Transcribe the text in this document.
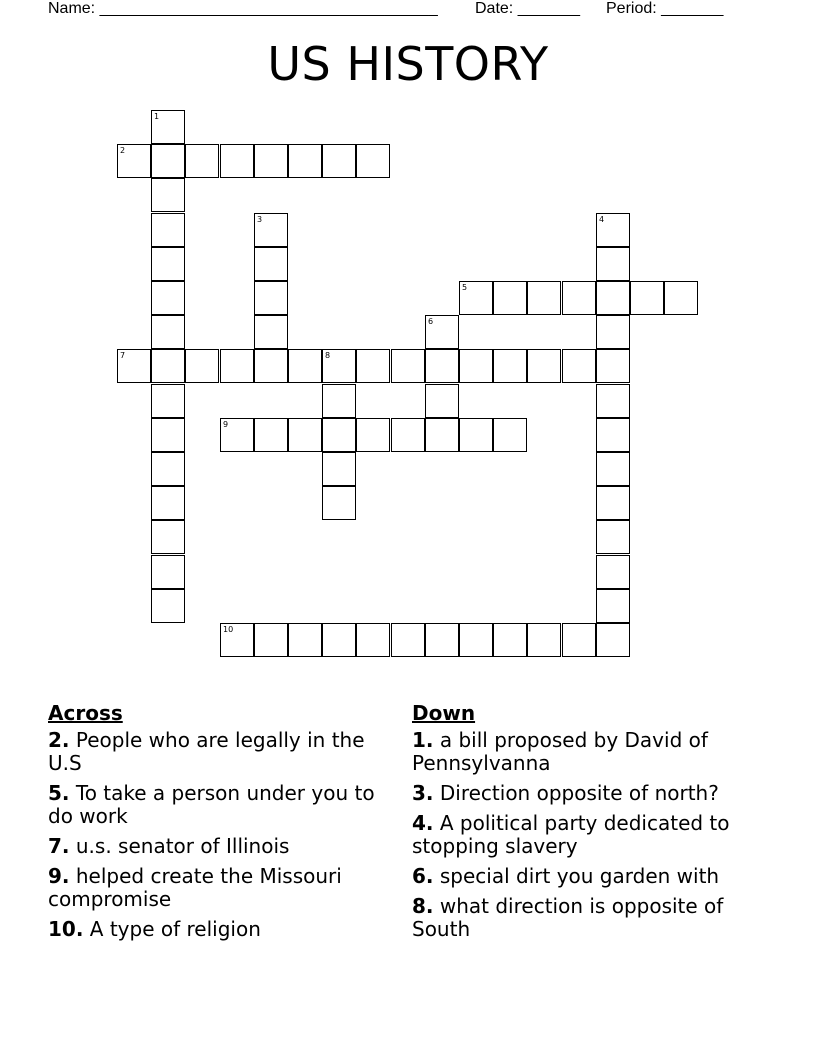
Name: ______________________________________ Date: _______ Period: _______
US HISTORY
1
2
3	4
5
6
7	8
9
10
Across
2. People who are legally in the U.S
5. To take a person under you to do work
7. u.s. senator of Illinois
9. helped create the Missouri compromise
10. A type of religion
Down
1. a bill proposed by David of Pennsylvanna
3. Direction opposite of north?
4. A political party dedicated to stopping slavery
6. special dirt you garden with
8. what direction is opposite of South
